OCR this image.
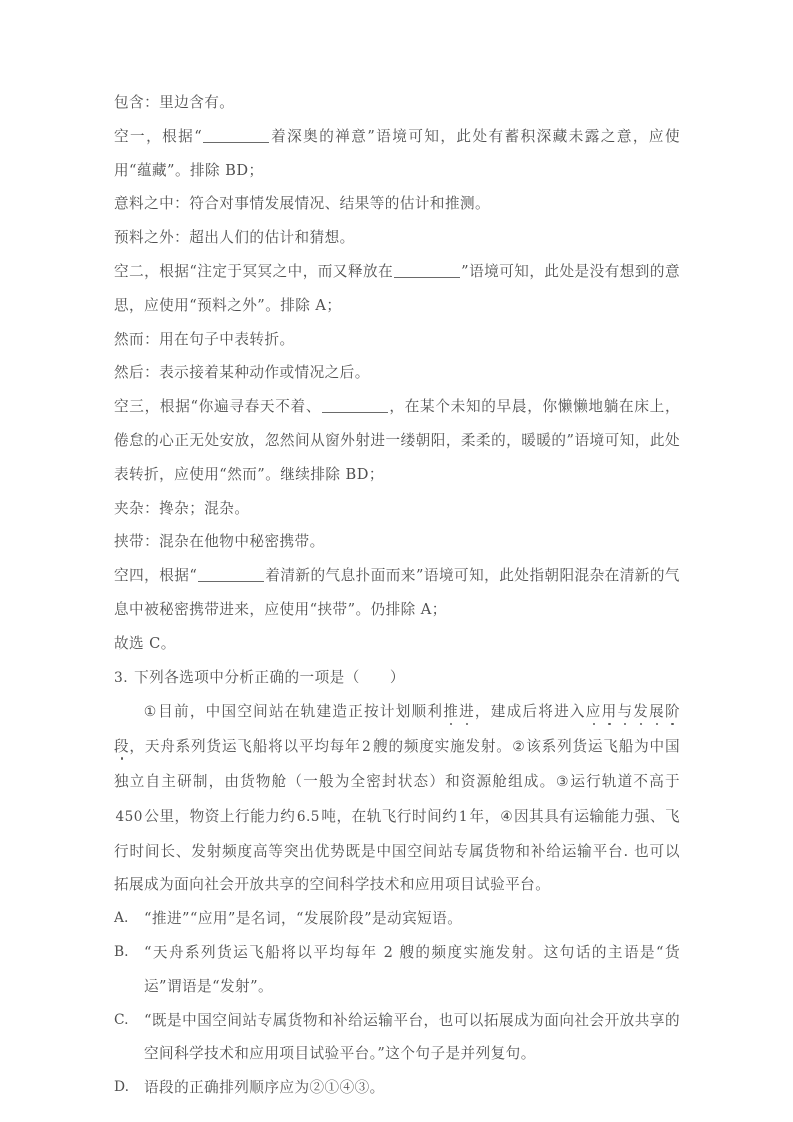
包含：里边含有。
空一，根据“	着深奥的禅意”语境可知，此处有蓄积深藏未露之意，应使用“蕴藏”。排除 BD；
意料之中：符合对事情发展情况、结果等的估计和推测。
预料之外：超出人们的估计和猜想。
空二，根据“注定于冥冥之中，而又释放在	”语境可知，此处是没有想到的意思，应使用“预料之外”。排除 A；
然而：用在句子中表转折。
然后：表示接着某种动作或情况之后。
空三，根据“你遍寻春天不着、	，在某个未知的早晨，你懒懒地躺在床上，倦怠的心正无处安放，忽然间从窗外射进一缕朝阳，柔柔的，暖暖的”语境可知，此处表转折，应使用“然而”。继续排除 BD；
夹杂：搀杂；混杂。
挟带：混杂在他物中秘密携带。
空四，根据“	着清新的气息扑面而来”语境可知，此处指朝阳混杂在清新的气息中被秘密携带进来，应使用“挟带”。仍排除 A；
故选 C。
3. 下列各选项中分析正确的一项是（　　）
①目前，中国空间站在轨建造正按计划顺利推进，建成后将进入应用与发展阶段，天舟系列货运飞船将以平均每年 2 艘的频度实施发射。②该系列货运飞船为中国独立自主研制，由货物舱（一般为全密封状态）和资源舱组成。③运行轨道不高于450 公里，物资上行能力约 6.5 吨，在轨飞行时间约 1 年，④因其具有运输能力强、飞行时间长、发射频度高等突出优势既是中国空间站专属货物和补给运输平台. 也可以拓展成为面向社会开放共享的空间科学技术和应用项目试验平台。
A.	“推进”“应用”是名词，“发展阶段”是动宾短语。
B.	“天舟系列货运飞船将以平均每年 2 艘的频度实施发射。这句话的主语是“货运”谓语是“发射”。
C.	“既是中国空间站专属货物和补给运输平台，也可以拓展成为面向社会开放共享的空间科学技术和应用项目试验平台。”这个句子是并列复句。
D.	语段的正确排列顺序应为②①④③。
